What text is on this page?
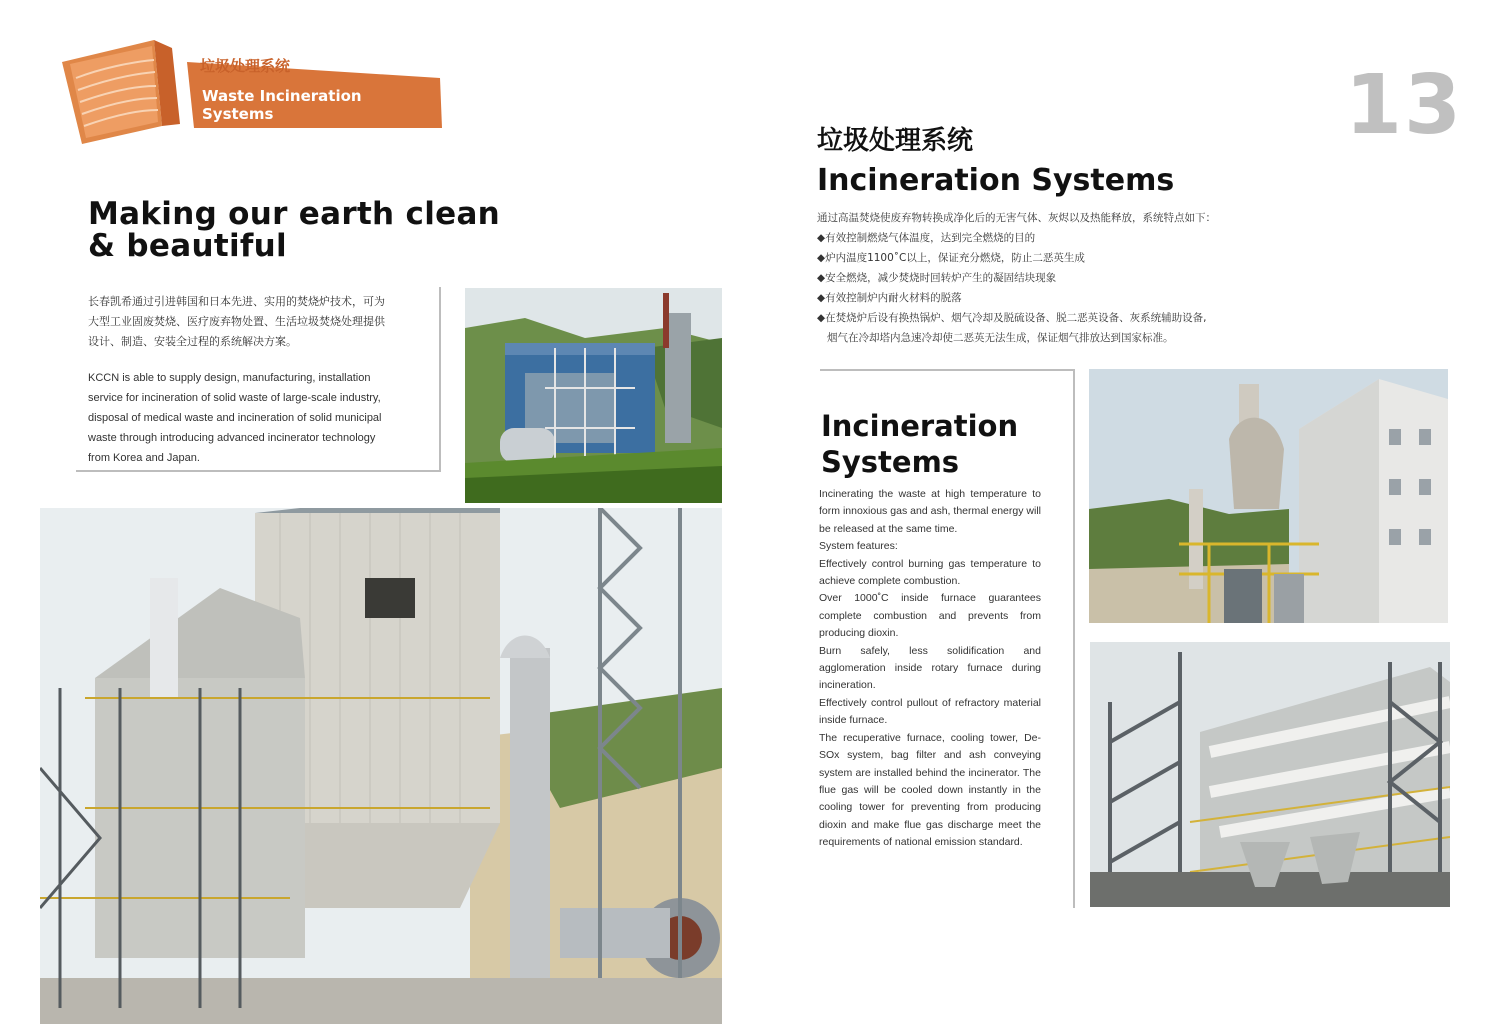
垃圾处理系统
Waste Incineration
Systems
Making our earth clean
& beautiful
长春凯希通过引进韩国和日本先进、实用的焚烧炉技术，可为
大型工业固废焚烧、医疗废弃物处置、生活垃圾焚烧处理提供
设计、制造、安装全过程的系统解决方案。
KCCN is able to supply design, manufacturing, installation
service for incineration of solid waste of large-scale industry,
disposal of medical waste and incineration of solid municipal
waste through introducing advanced incinerator technology
from Korea and Japan.
13
垃圾处理系统
Incineration Systems
通过高温焚烧使废弃物转换成净化后的无害气体、灰烬以及热能释放，系统特点如下：
◆有效控制燃烧气体温度，达到完全燃烧的目的
◆炉内温度1100˚C以上，保证充分燃烧，防止二恶英生成
◆安全燃烧，减少焚烧时回转炉产生的凝固结块现象
◆有效控制炉内耐火材料的脱落
◆在焚烧炉后设有换热锅炉、烟气冷却及脱硫设备、脱二恶英设备、灰系统辅助设备,
烟气在冷却塔内急速冷却使二恶英无法生成，保证烟气排放达到国家标准。
Incineration
Systems

Incinerating the waste at high temperature to form innoxious gas and ash, thermal energy will be released at the same time.

System features:

Effectively control burning gas temperature to achieve complete combustion.

Over 1000˚C inside furnace guarantees complete combustion and prevents from producing dioxin.

Burn safely, less solidification and agglomeration inside rotary furnace during incineration.

Effectively control pullout of refractory material inside furnace.

The recuperative furnace, cooling tower, De-SOx system, bag filter and ash conveying system are installed behind the incinerator. The flue gas will be cooled down instantly in the cooling tower for preventing from producing dioxin and make flue gas discharge meet the requirements of national emission standard.
